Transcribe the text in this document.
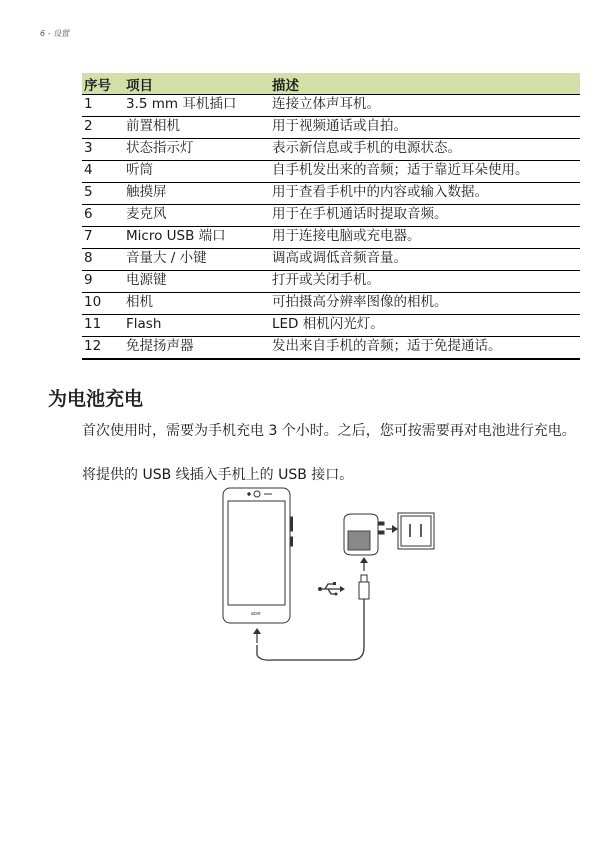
6 - 设置
序号	项目	描述
1	3.5 mm 耳机插口	连接立体声耳机。
2	前置相机	用于视频通话或自拍。
3	状态指示灯	表示新信息或手机的电源状态。
4	听筒	自手机发出来的音频；适于靠近耳朵使用。
5	触摸屏	用于查看手机中的内容或输入数据。
6	麦克风	用于在手机通话时提取音频。
7	Micro USB 端口	用于连接电脑或充电器。
8	音量大 / 小键	调高或调低音频音量。
9	电源键	打开或关闭手机。
10	相机	可拍摄高分辨率图像的相机。
11	Flash	LED 相机闪光灯。
12	免提扬声器	发出来自手机的音频；适于免提通话。
为电池充电
首次使用时，需要为手机充电 3 个小时。之后，您可按需要再对电池进行充电。
将提供的 USB 线插入手机上的 USB 接口。
acer
